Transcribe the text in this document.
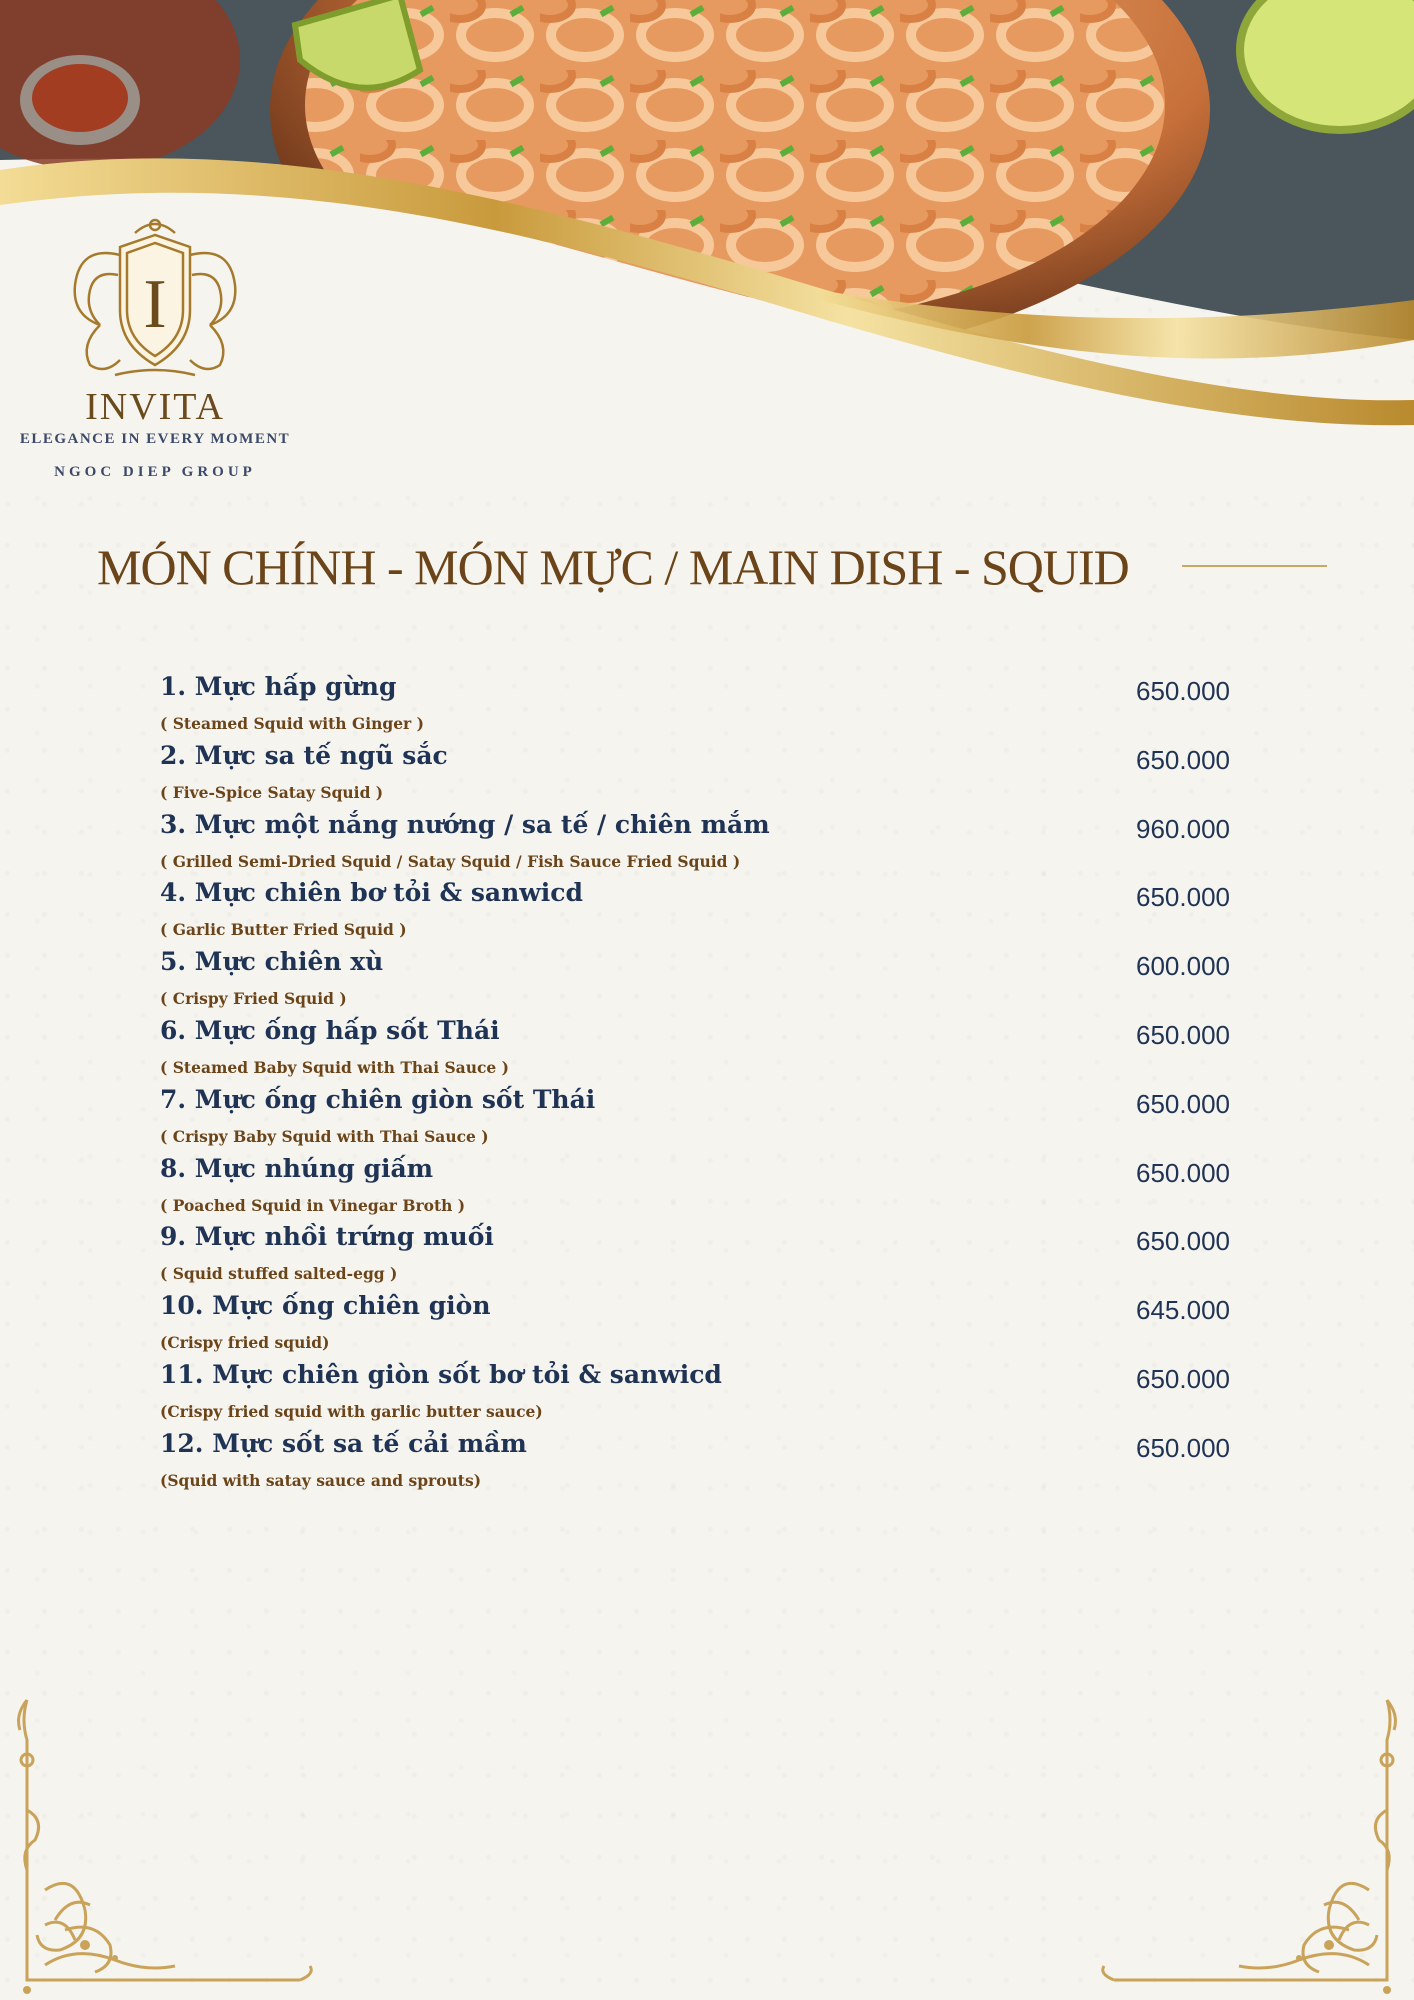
I
INVITA
ELEGANCE IN EVERY MOMENT
NGOC DIEP GROUP
MÓN CHÍNH - MÓN MỰC / MAIN DISH - SQUID
1. Mực hấp gừng
( Steamed Squid with Ginger )
650.000
2. Mực sa tế ngũ sắc
( Five-Spice Satay Squid )
650.000
3. Mực một nắng nướng / sa tế / chiên mắm
( Grilled Semi-Dried Squid / Satay Squid / Fish Sauce Fried Squid )
960.000
4. Mực chiên bơ tỏi & sanwicd
( Garlic Butter Fried Squid )
650.000
5. Mực chiên xù
( Crispy Fried Squid )
600.000
6. Mực ống hấp sốt Thái
( Steamed Baby Squid with Thai Sauce )
650.000
7. Mực ống chiên giòn sốt Thái
( Crispy Baby Squid with Thai Sauce )
650.000
8. Mực nhúng giấm
( Poached Squid in Vinegar Broth )
650.000
9. Mực nhồi trứng muối
( Squid stuffed salted-egg )
650.000
10. Mực ống chiên giòn
(Crispy fried squid)
645.000
11. Mực chiên giòn sốt bơ tỏi & sanwicd
(Crispy fried squid with garlic butter sauce)
650.000
12. Mực sốt sa tế cải mầm
(Squid with satay sauce and sprouts)
650.000
